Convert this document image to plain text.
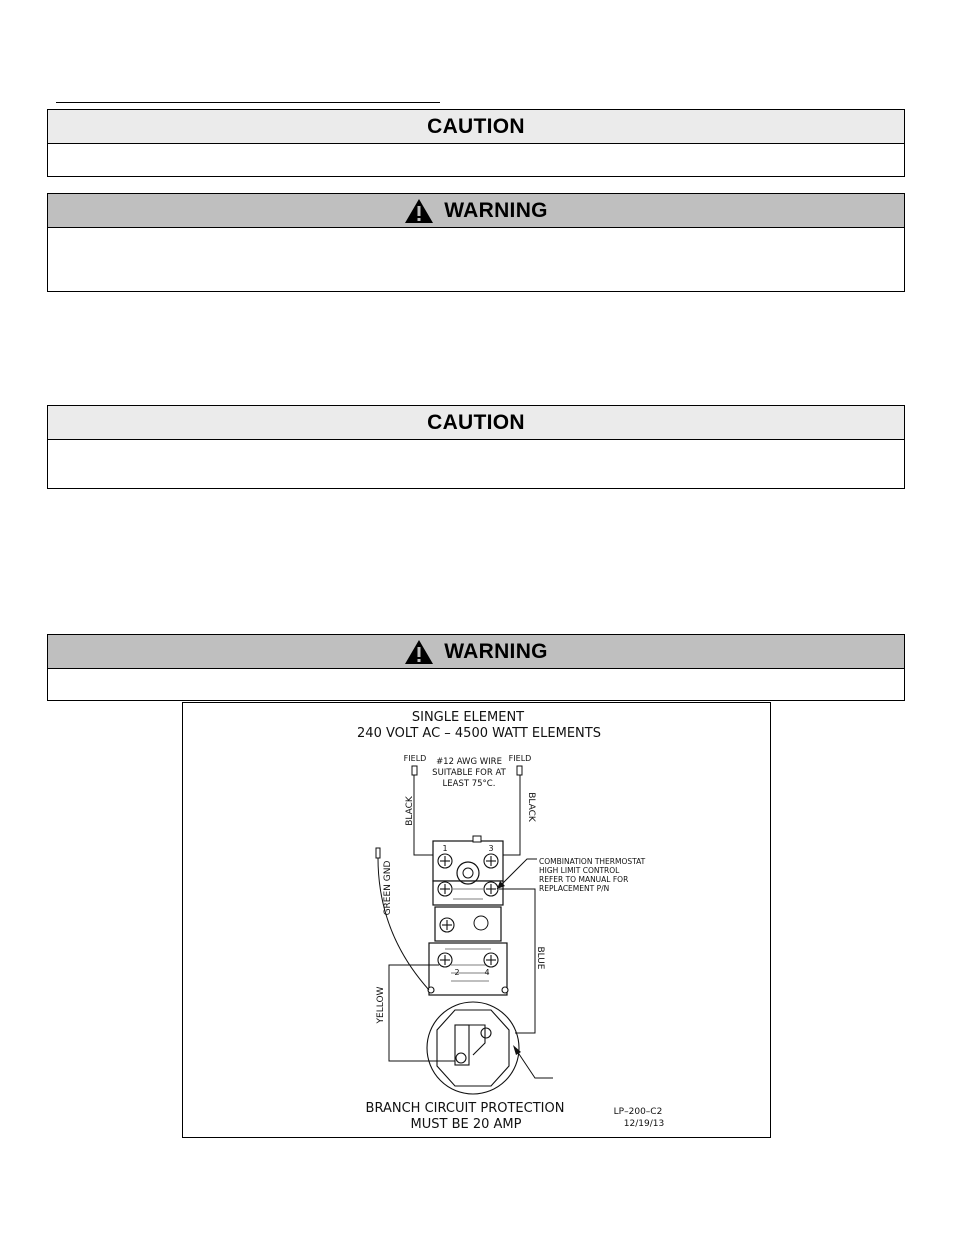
CAUTION
WARNING
CAUTION
WARNING
SINGLE ELEMENT
240 VOLT AC – 4500 WATT ELEMENTS
FIELD	FIELD
#12 AWG WIRE
SUITABLE FOR AT
LEAST 75°C.
BLACK	BLACK
1	3
2	4
COMBINATION THERMOSTAT
HIGH LIMIT CONTROL
REFER TO MANUAL FOR
REPLACEMENT P/N
GREEN GND
BLUE
YELLOW
BRANCH CIRCUIT PROTECTION
MUST BE 20 AMP
LP–200–C2
12/19/13
